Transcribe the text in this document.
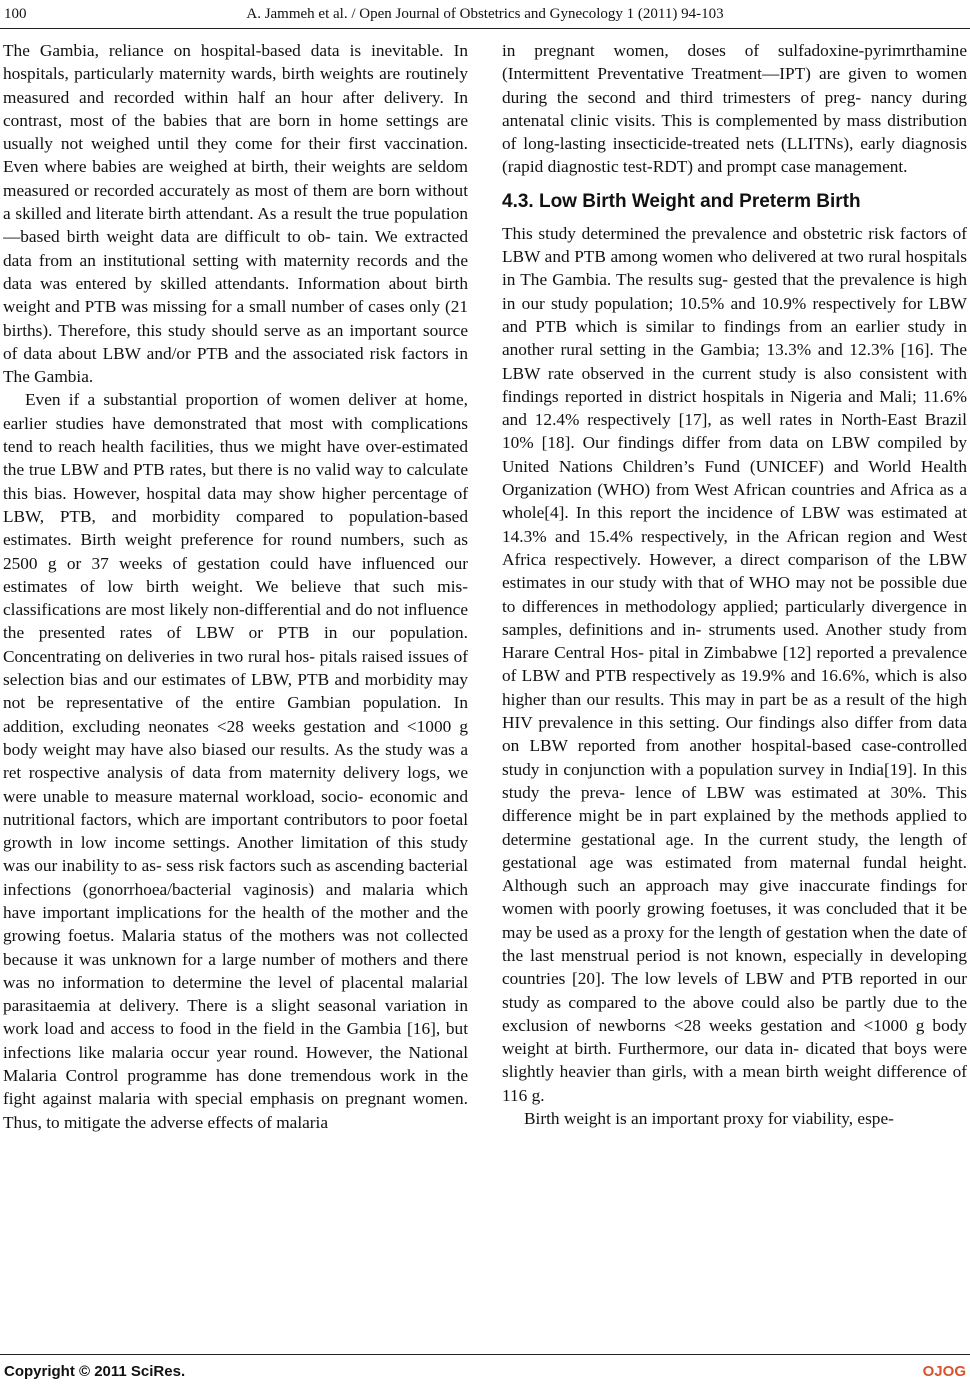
100	A. Jammeh et al. / Open Journal of Obstetrics and Gynecology 1 (2011) 94-103

The Gambia, reliance on hospital-based data is inevitable. In hospitals, particularly maternity wards, birth weights are routinely measured and recorded within half an hour after delivery. In contrast, most of the babies that are born in home settings are usually not weighed until they come for their first vaccination. Even where babies are weighed at birth, their weights are seldom measured or recorded accurately as most of them are born without a skilled and literate birth attendant. As a result the true population—based birth weight data are difficult to ob- tain. We extracted data from an institutional setting with maternity records and the data was entered by skilled attendants. Information about birth weight and PTB was missing for a small number of cases only (21 births). Therefore, this study should serve as an important source of data about LBW and/or PTB and the associated risk factors in The Gambia.

Even if a substantial proportion of women deliver at home, earlier studies have demonstrated that most with complications tend to reach health facilities, thus we might have over-estimated the true LBW and PTB rates, but there is no valid way to calculate this bias. However, hospital data may show higher percentage of LBW, PTB, and morbidity compared to population-based estimates. Birth weight preference for round numbers, such as 2500 g or 37 weeks of gestation could have influenced our estimates of low birth weight. We believe that such mis- classifications are most likely non-differential and do not influence the presented rates of LBW or PTB in our population. Concentrating on deliveries in two rural hos- pitals raised issues of selection bias and our estimates of LBW, PTB and morbidity may not be representative of the entire Gambian population. In addition, excluding neonates <28 weeks gestation and <1000 g body weight may have also biased our results. As the study was a ret rospective analysis of data from maternity delivery logs, we were unable to measure maternal workload, socio- economic and nutritional factors, which are important contributors to poor foetal growth in low income settings. Another limitation of this study was our inability to as- sess risk factors such as ascending bacterial infections (gonorrhoea/bacterial vaginosis) and malaria which have important implications for the health of the mother and the growing foetus. Malaria status of the mothers was not collected because it was unknown for a large number of mothers and there was no information to determine the level of placental malarial parasitaemia at delivery. There is a slight seasonal variation in work load and access to food in the field in the Gambia [16], but infections like malaria occur year round. However, the National Malaria Control programme has done tremendous work in the fight against malaria with special emphasis on pregnant women. Thus, to mitigate the adverse effects of malaria

in pregnant women, doses of sulfadoxine-pyrimrthamine (Intermittent Preventative Treatment—IPT) are given to women during the second and third trimesters of preg- nancy during antenatal clinic visits. This is complemented by mass distribution of long-lasting insecticide-treated nets (LLITNs), early diagnosis (rapid diagnostic test-RDT) and prompt case management.

4.3. Low Birth Weight and Preterm Birth

This study determined the prevalence and obstetric risk factors of LBW and PTB among women who delivered at two rural hospitals in The Gambia. The results sug- gested that the prevalence is high in our study population; 10.5% and 10.9% respectively for LBW and PTB which is similar to findings from an earlier study in another rural setting in the Gambia; 13.3% and 12.3% [16]. The LBW rate observed in the current study is also consistent with findings reported in district hospitals in Nigeria and Mali; 11.6% and 12.4% respectively [17], as well rates in North-East Brazil 10% [18]. Our findings differ from data on LBW compiled by United Nations Children’s Fund (UNICEF) and World Health Organization (WHO) from West African countries and Africa as a whole[4]. In this report the incidence of LBW was estimated at 14.3% and 15.4% respectively, in the African region and West Africa respectively. However, a direct comparison of the LBW estimates in our study with that of WHO may not be possible due to differences in methodology applied; particularly divergence in samples, definitions and in- struments used. Another study from Harare Central Hos- pital in Zimbabwe [12] reported a prevalence of LBW and PTB respectively as 19.9% and 16.6%, which is also higher than our results. This may in part be as a result of the high HIV prevalence in this setting. Our findings also differ from data on LBW reported from another hospital-based case-controlled study in conjunction with a population survey in India[19]. In this study the preva- lence of LBW was estimated at 30%. This difference might be in part explained by the methods applied to determine gestational age. In the current study, the length of gestational age was estimated from maternal fundal height. Although such an approach may give inaccurate findings for women with poorly growing foetuses, it was concluded that it be may be used as a proxy for the length of gestation when the date of the last menstrual period is not known, especially in developing countries [20]. The low levels of LBW and PTB reported in our study as compared to the above could also be partly due to the exclusion of newborns <28 weeks gestation and <1000 g body weight at birth. Furthermore, our data in- dicated that boys were slightly heavier than girls, with a mean birth weight difference of 116 g.

Birth weight is an important proxy for viability, espe-

Copyright © 2011 SciRes.	OJOG
